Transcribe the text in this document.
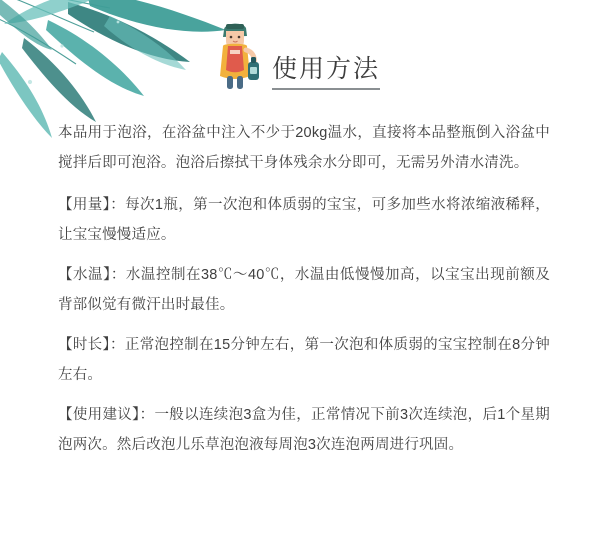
使用方法

本品用于泡浴，在浴盆中注入不少于20kg温水，直接将本品整瓶倒入浴盆中搅拌后即可泡浴。泡浴后擦拭干身体残余水分即可，无需另外清水清洗。

【用量】：每次1瓶，第一次泡和体质弱的宝宝，可多加些水将浓缩液稀释，让宝宝慢慢适应。

【水温】：水温控制在38℃～40℃，水温由低慢慢加高，以宝宝出现前额及背部似觉有微汗出时最佳。

【时长】：正常泡控制在15分钟左右，第一次泡和体质弱的宝宝控制在8分钟左右。

【使用建议】：一般以连续泡3盒为佳，正常情况下前3次连续泡，后1个星期泡两次。然后改泡儿乐草泡泡液每周泡3次连泡两周进行巩固。
